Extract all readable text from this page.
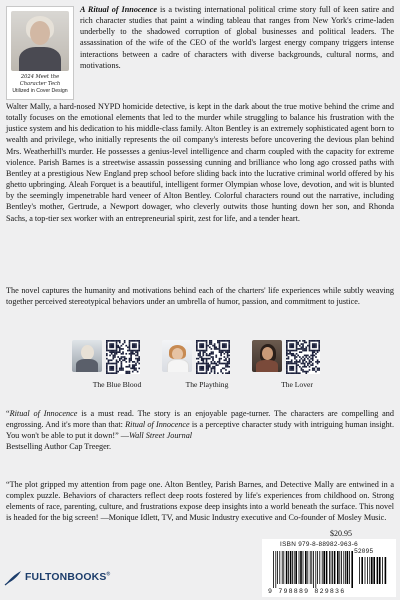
2024 Meet the Character Tech
Utilized in Cover Design

A Ritual of Innocence is a twisting international political crime story full of keen satire and rich character studies that paint a winding tableau that ranges from New York's crime-laden underbelly to the shadowed corruption of global businesses and political leaders. The assassination of the wife of the CEO of the world's largest energy company triggers intense interactions between a cadre of characters with diverse backgrounds, cultural norms, and motivations.

Walter Mally, a hard-nosed NYPD homicide detective, is kept in the dark about the true motive behind the crime and totally focuses on the emotional elements that led to the murder while struggling to balance his frustration with the justice system and his dedication to his middle-class family. Alton Bentley is an extremely sophisticated agent born to wealth and privilege, who initially represents the oil company's interests before uncovering the devious plan behind Mrs. Weatherhill's murder. He possesses a genius-level intelligence and charm coupled with the capacity for extreme violence. Parish Barnes is a streetwise assassin possessing cunning and brilliance who long ago crossed paths with Bentley at a prestigious New England prep school before sliding back into the lucrative criminal world offered by his ghetto upbringing. Aleah Forquet is a beautiful, intelligent former Olympian whose love, devotion, and wit is blunted by the seemingly impenetrable hard veneer of Alton Bentley. Colorful characters round out the narrative, including Bentley's mother, Gertrude, a Newport dowager, who cleverly outwits those hunting down her son, and Rhonda Sachs, a top-tier sex worker with an entrepreneurial spirit, zest for life, and a tender heart.

The novel captures the humanity and motivations behind each of the charters' life experiences while subtly weaving together perceived stereotypical behaviors under an umbrella of humor, passion, and commitment to justice.

The Blue Blood	The Plaything	The Lover

“Ritual of Innocence is a must read. The story is an enjoyable page-turner. The characters are compelling and engrossing. And it's more than that: Ritual of Innocence is a perceptive character study with intriguing human insight. You won't be able to put it down!” —Wall Street Journal
Bestselling Author Cap Treeger.

“The plot gripped my attention from page one. Alton Bentley, Parish Barnes, and Detective Mally are entwined in a complex puzzle. Behaviors of characters reflect deep roots fostered by life's experiences from childhood on. Strong elements of race, parenting, culture, and frustrations expose deep insights into a world beneath the surface. This novel is headed for the big screen! —Monique Idlett, TV, and Music Industry executive and Co-founder of Mosley Music.

$20.95
ISBN 979-8-88982-963-6
52095
9 798889 829836
FULTONBOOKS®
